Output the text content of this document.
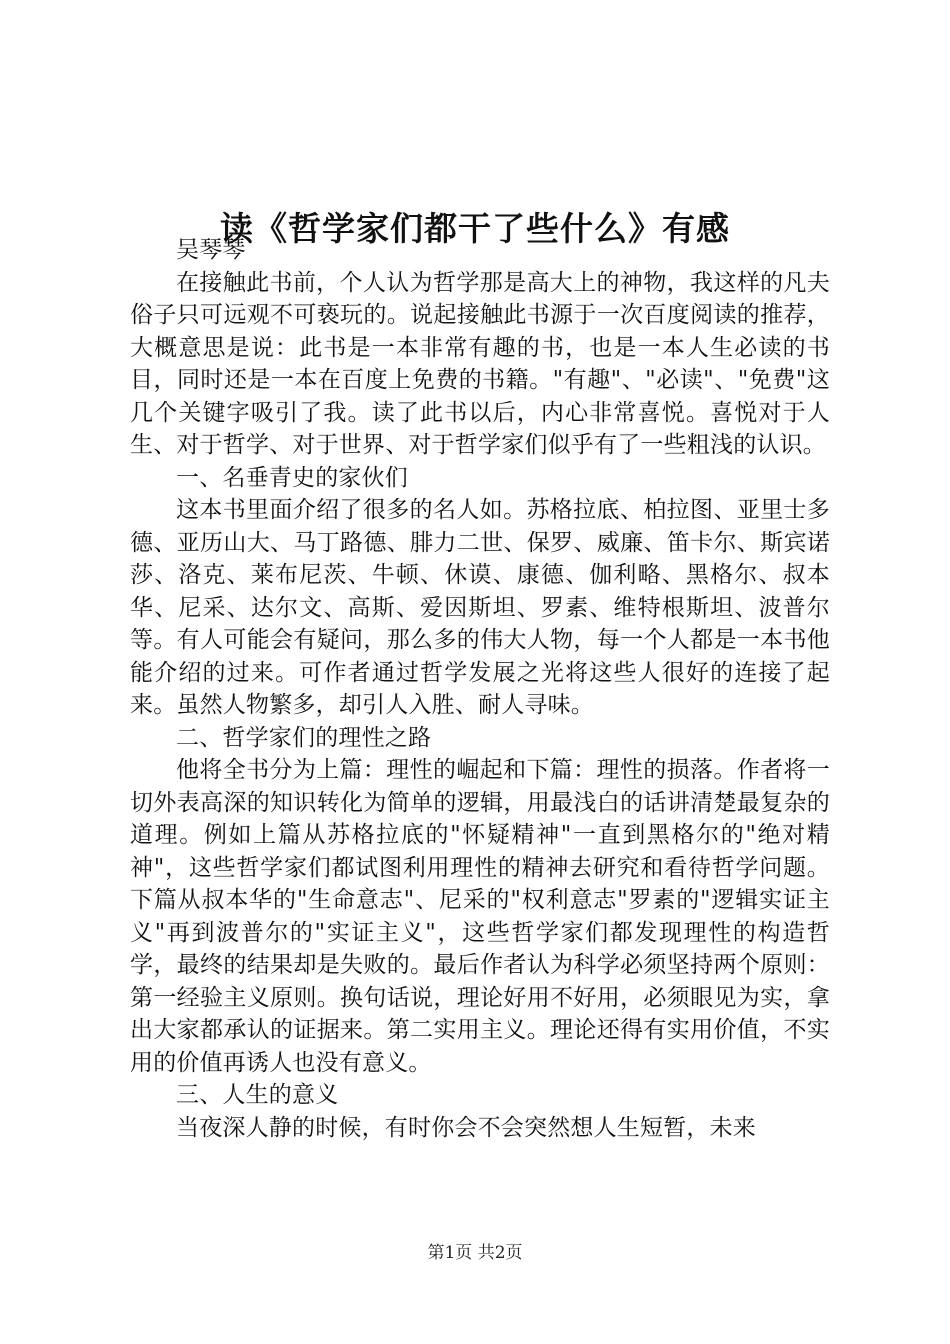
读《哲学家们都干了些什么》有感

吴琴琴

在接触此书前，个人认为哲学那是高大上的神物，我这样的凡夫俗子只可远观不可亵玩的。说起接触此书源于一次百度阅读的推荐，大概意思是说：此书是一本非常有趣的书，也是一本人生必读的书目，同时还是一本在百度上免费的书籍。"有趣"、"必读"、"免费"这几个关键字吸引了我。读了此书以后，内心非常喜悦。喜悦对于人生、对于哲学、对于世界、对于哲学家们似乎有了一些粗浅的认识。

一、名垂青史的家伙们

这本书里面介绍了很多的名人如。苏格拉底、柏拉图、亚里士多德、亚历山大、马丁路德、腓力二世、保罗、威廉、笛卡尔、斯宾诺莎、洛克、莱布尼茨、牛顿、休谟、康德、伽利略、黑格尔、叔本华、尼采、达尔文、高斯、爱因斯坦、罗素、维特根斯坦、波普尔等。有人可能会有疑问，那么多的伟大人物，每一个人都是一本书他能介绍的过来。可作者通过哲学发展之光将这些人很好的连接了起来。虽然人物繁多，却引人入胜、耐人寻味。

二、哲学家们的理性之路

他将全书分为上篇：理性的崛起和下篇：理性的损落。作者将一切外表高深的知识转化为简单的逻辑，用最浅白的话讲清楚最复杂的道理。例如上篇从苏格拉底的"怀疑精神"一直到黑格尔的"绝对精神"，这些哲学家们都试图利用理性的精神去研究和看待哲学问题。下篇从叔本华的"生命意志"、尼采的"权利意志"罗素的"逻辑实证主义"再到波普尔的"实证主义"，这些哲学家们都发现理性的构造哲学，最终的结果却是失败的。最后作者认为科学必须坚持两个原则：第一经验主义原则。换句话说，理论好用不好用，必须眼见为实，拿出大家都承认的证据来。第二实用主义。理论还得有实用价值，不实用的价值再诱人也没有意义。

三、人生的意义

当夜深人静的时候，有时你会不会突然想人生短暂，未来

第1页 共2页
